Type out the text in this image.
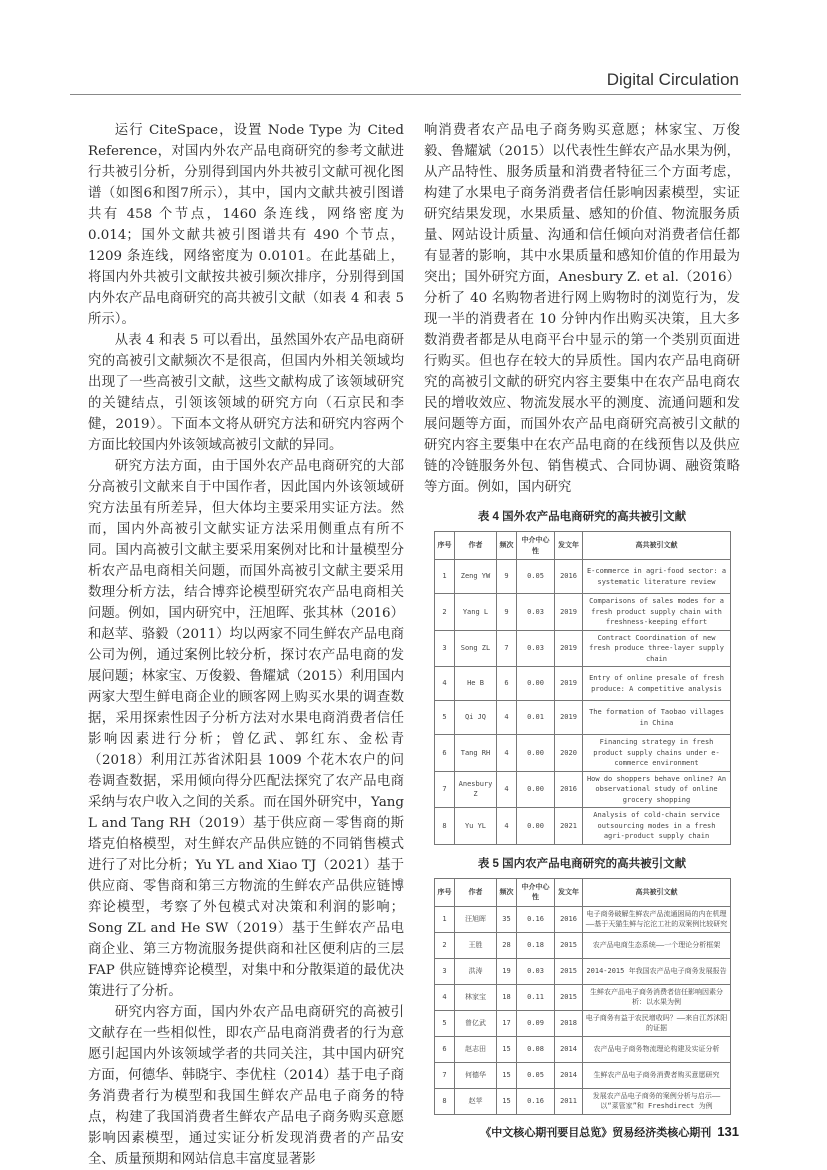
Digital Circulation

运行 CiteSpace，设置 Node Type 为 Cited Reference，对国内外农产品电商研究的参考文献进行共被引分析，分别得到国内外共被引文献可视化图谱（如图6和图7所示），其中，国内文献共被引图谱共有 458 个节点，1460 条连线，网络密度为 0.014；国外文献共被引图谱共有 490 个节点，1209 条连线，网络密度为 0.0101。在此基础上，将国内外共被引文献按共被引频次排序，分别得到国内外农产品电商研究的高共被引文献（如表 4 和表 5 所示）。

从表 4 和表 5 可以看出，虽然国外农产品电商研究的高被引文献频次不是很高，但国内外相关领域均出现了一些高被引文献，这些文献构成了该领域研究的关键结点，引领该领域的研究方向（石京民和李健，2019）。下面本文将从研究方法和研究内容两个方面比较国内外该领域高被引文献的异同。

研究方法方面，由于国外农产品电商研究的大部分高被引文献来自于中国作者，因此国内外该领域研究方法虽有所差异，但大体均主要采用实证方法。然而，国内外高被引文献实证方法采用侧重点有所不同。国内高被引文献主要采用案例对比和计量模型分析农产品电商相关问题，而国外高被引文献主要采用数理分析方法，结合博弈论模型研究农产品电商相关问题。例如，国内研究中，汪旭晖、张其林（2016）和赵苹、骆毅（2011）均以两家不同生鲜农产品电商公司为例，通过案例比较分析，探讨农产品电商的发展问题；林家宝、万俊毅、鲁耀斌（2015）利用国内两家大型生鲜电商企业的顾客网上购买水果的调查数据，采用探索性因子分析方法对水果电商消费者信任影响因素进行分析；曾亿武、郭红东、金松青（2018）利用江苏省沭阳县 1009 个花木农户的问卷调查数据，采用倾向得分匹配法探究了农产品电商采纳与农户收入之间的关系。而在国外研究中，Yang L and Tang RH（2019）基于供应商－零售商的斯塔克伯格模型，对生鲜农产品供应链的不同销售模式进行了对比分析；Yu YL and Xiao TJ（2021）基于供应商、零售商和第三方物流的生鲜农产品供应链博弈论模型，考察了外包模式对决策和利润的影响；Song ZL and He SW（2019）基于生鲜农产品电商企业、第三方物流服务提供商和社区便利店的三层 FAP 供应链博弈论模型，对集中和分散渠道的最优决策进行了分析。

研究内容方面，国内外农产品电商研究的高被引文献存在一些相似性，即农产品电商消费者的行为意愿引起国内外该领域学者的共同关注，其中国内研究方面，何德华、韩晓宇、李优柱（2014）基于电子商务消费者行为模型和我国生鲜农产品电子商务的特点，构建了我国消费者生鲜农产品电子商务购买意愿影响因素模型，通过实证分析发现消费者的产品安全、质量预期和网站信息丰富度显著影

响消费者农产品电子商务购买意愿；林家宝、万俊毅、鲁耀斌（2015）以代表性生鲜农产品水果为例，从产品特性、服务质量和消费者特征三个方面考虑，构建了水果电子商务消费者信任影响因素模型，实证研究结果发现，水果质量、感知的价值、物流服务质量、网站设计质量、沟通和信任倾向对消费者信任都有显著的影响，其中水果质量和感知价值的作用最为突出；国外研究方面，Anesbury Z. et al.（2016）分析了 40 名购物者进行网上购物时的浏览行为，发现一半的消费者在 10 分钟内作出购买决策，且大多数消费者都是从电商平台中显示的第一个类别页面进行购买。但也存在较大的异质性。国内农产品电商研究的高被引文献的研究内容主要集中在农产品电商农民的增收效应、物流发展水平的测度、流通问题和发展问题等方面，而国外农产品电商研究高被引文献的研究内容主要集中在农产品电商的在线预售以及供应链的冷链服务外包、销售模式、合同协调、融资策略等方面。例如，国内研究

表 4 国外农产品电商研究的高共被引文献
序号	作者	频次	中介中心性	发文年	高共被引文献
1	Zeng YW	9	0.05	2016	E-commerce in agri-food sector: a systematic literature review
2	Yang L	9	0.03	2019	Comparisons of sales modes for a fresh product supply chain with freshness-keeping effort
3	Song ZL	7	0.03	2019	Contract Coordination of new fresh produce three-layer supply chain
4	He B	6	0.00	2019	Entry of online presale of fresh produce: A competitive analysis
5	Qi JQ	4	0.01	2019	The formation of Taobao villages in China
6	Tang RH	4	0.00	2020	Financing strategy in fresh product supply chains under e-commerce environment
7	Anesbury Z	4	0.00	2016	How do shoppers behave online? An observational study of online grocery shopping
8	Yu YL	4	0.00	2021	Analysis of cold-chain service outsourcing modes in a fresh agri-product supply chain
表 5 国内农产品电商研究的高共被引文献
序号	作者	频次	中介中心性	发文年	高共被引文献
1	汪旭晖	35	0.16	2016	电子商务破解生鲜农产品流通困局的内在机理——基于天猫生鲜与沱沱工社的双案例比较研究
2	王胜	28	0.18	2015	农产品电商生态系统——一个理论分析框架
3	洪涛	19	0.03	2015	2014-2015 年我国农产品电子商务发展报告
4	林家宝	18	0.11	2015	生鲜农产品电子商务消费者信任影响因素分析：以水果为例
5	曾亿武	17	0.09	2018	电子商务有益于农民增收吗？——来自江苏沭阳的证据
6	赵志田	15	0.08	2014	农产品电子商务物流理论构建及实证分析
7	何德华	15	0.05	2014	生鲜农产品电子商务消费者购买意愿研究
8	赵苹	15	0.16	2011	发展农产品电子商务的案例分析与启示——以“菜管家”和 Freshdirect 为例
《中文核心期刊要目总览》贸易经济类核心期刊 131
